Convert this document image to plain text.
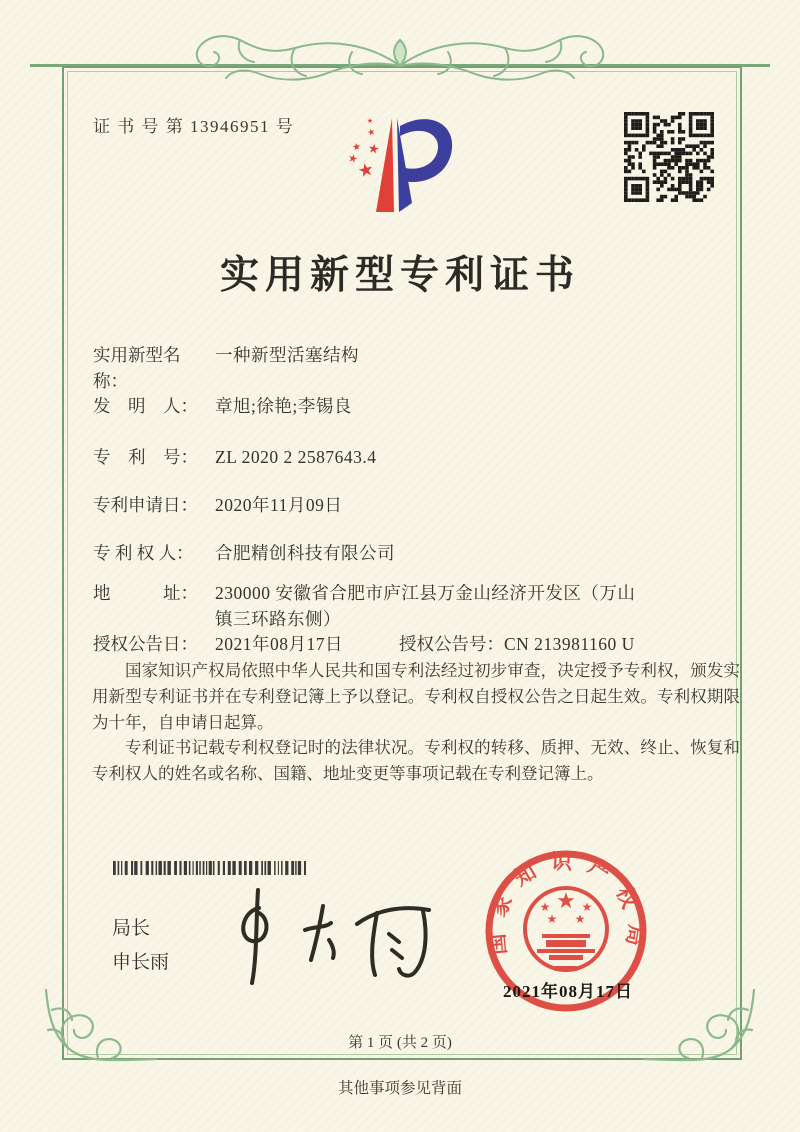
证 书 号 第 13946951 号
★
★
★
★
★
★
实用新型专利证书
实用新型名称：一种新型活塞结构
发　明　人： 章旭;徐艳;李锡良
专　利　号： ZL 2020 2 2587643.4
专利申请日： 2020年11月09日
专 利 权 人： 合肥精创科技有限公司
地　　　址： 230000 安徽省合肥市庐江县万金山经济开发区（万山镇三环路东侧）
授权公告日： 2021年08月17日	授权公告号：CN 213981160 U

国家知识产权局依照中华人民共和国专利法经过初步审查，决定授予专利权，颁发实用新型专利证书并在专利登记簿上予以登记。专利权自授权公告之日起生效。专利权期限为十年，自申请日起算。

专利证书记载专利权登记时的法律状况。专利权的转移、质押、无效、终止、恢复和专利权人的姓名或名称、国籍、地址变更等事项记载在专利登记簿上。

局长
申长雨
国家知识产权局
★
★	★
★ ★
2021年08月17日
第 1 页 (共 2 页)
其他事项参见背面
